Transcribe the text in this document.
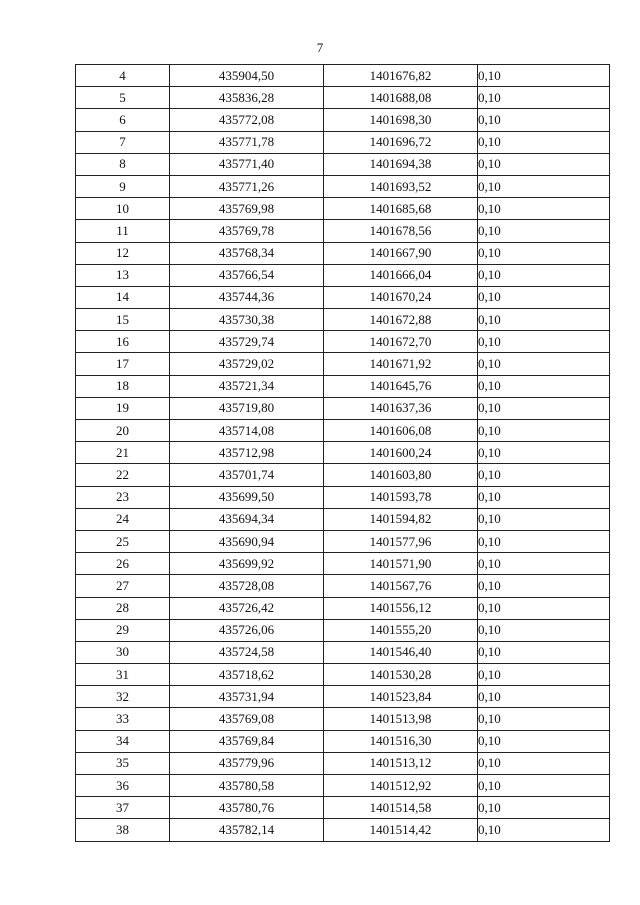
7
4	435904,50	1401676,82	0,10
5	435836,28	1401688,08	0,10
6	435772,08	1401698,30	0,10
7	435771,78	1401696,72	0,10
8	435771,40	1401694,38	0,10
9	435771,26	1401693,52	0,10
10	435769,98	1401685,68	0,10
11	435769,78	1401678,56	0,10
12	435768,34	1401667,90	0,10
13	435766,54	1401666,04	0,10
14	435744,36	1401670,24	0,10
15	435730,38	1401672,88	0,10
16	435729,74	1401672,70	0,10
17	435729,02	1401671,92	0,10
18	435721,34	1401645,76	0,10
19	435719,80	1401637,36	0,10
20	435714,08	1401606,08	0,10
21	435712,98	1401600,24	0,10
22	435701,74	1401603,80	0,10
23	435699,50	1401593,78	0,10
24	435694,34	1401594,82	0,10
25	435690,94	1401577,96	0,10
26	435699,92	1401571,90	0,10
27	435728,08	1401567,76	0,10
28	435726,42	1401556,12	0,10
29	435726,06	1401555,20	0,10
30	435724,58	1401546,40	0,10
31	435718,62	1401530,28	0,10
32	435731,94	1401523,84	0,10
33	435769,08	1401513,98	0,10
34	435769,84	1401516,30	0,10
35	435779,96	1401513,12	0,10
36	435780,58	1401512,92	0,10
37	435780,76	1401514,58	0,10
38	435782,14	1401514,42	0,10
